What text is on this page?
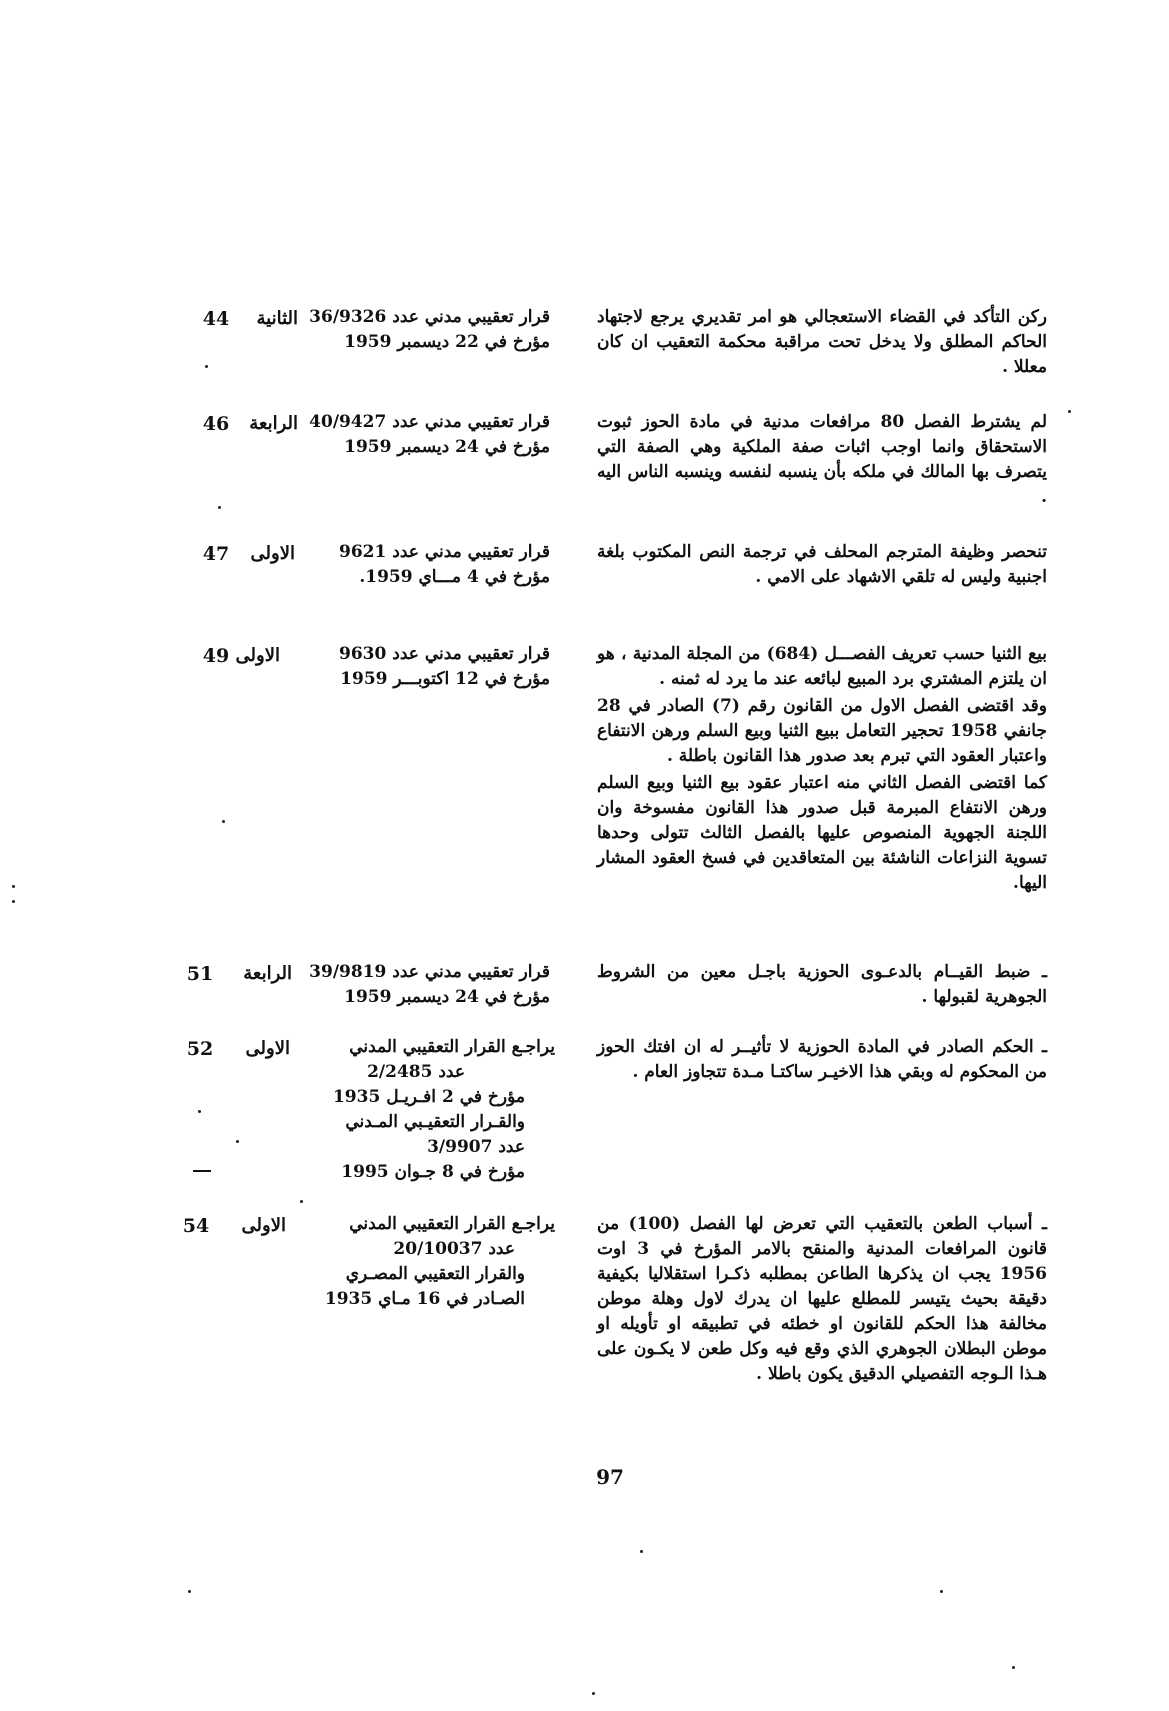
44	الثانية قرار تعقيبي مدني عدد 36/9326
مؤرخ في 22 ديسمبر 1959

ركن التأكد في القضاء الاستعجالي هو امر تقديري يرجع لاجتهاد الحاكم المطلق ولا يدخل تحت مراقبة محكمة التعقيب ان كان معللا .

46	الرابعة قرار تعقيبي مدني عدد 40/9427
مؤرخ في 24 ديسمبر 1959

لم يشترط الفصل 80 مرافعات مدنية في مادة الحوز ثبوت الاستحقاق وانما اوجب اثبات صفة الملكية وهي الصفة التي يتصرف بها المالك في ملكه بأن ينسبه لنفسه وينسبه الناس اليه .

47	الاولى	قرار تعقيبي مدني عدد 9621
مؤرخ في 4 مـــاي 1959.

تنحصر وظيفة المترجم المحلف في ترجمة النص المكتوب بلغة اجنبية وليس له تلقي الاشهاد على الامي .

49 الاولى	قرار تعقيبي مدني عدد 9630
مؤرخ في 12 اكتوبـــر 1959

بيع الثنيا حسب تعريف الفصـــل (684) من المجلة المدنية ، هو ان يلتزم المشتري برد المبيع لبائعه عند ما يرد له ثمنه .

وقد اقتضى الفصل الاول من القانون رقم (7) الصادر في 28 جانفي 1958 تحجير التعامل ببيع الثنيا وبيع السلم ورهن الانتفاع واعتبار العقود التي تبرم بعد صدور هذا القانون باطلة .

كما اقتضى الفصل الثاني منه اعتبار عقود بيع الثنيا وبيع السلم ورهن الانتفاع المبرمة قبل صدور هذا القانون مفسوخة وان اللجنة الجهوية المنصوص عليها بالفصل الثالث تتولى وحدها تسوية النزاعات الناشئة بين المتعاقدين في فسخ العقود المشار اليها.

51	الرابعة	قرار تعقيبي مدني عدد 39/9819
مؤرخ في 24 ديسمبر 1959

ـ ضبط القيــام بالدعـوى الحوزية باجـل معين من الشروط الجوهرية لقبولها .

52	الاولى	يراجـع القرار التعقيبي المدني
عدد 2/2485
مؤرخ في 2 افـريـل 1935
والقـرار التعقيـبي المـدني
عدد 3/9907
مؤرخ في 8 جـوان 1995

ـ الحكم الصادر في المادة الحوزية لا تأثيــر له ان افتك الحوز من المحكوم له وبقي هذا الاخيـر ساكتـا مـدة تتجاوز العام .

54	الاولى	يراجـع القرار التعقيبي المدني
عدد 20/10037
والقرار التعقيبي المصـري
الصـادر في 16 مـاي 1935

ـ أسباب الطعن بالتعقيب التي تعرض لها الفصل (100) من قانون المرافعات المدنية والمنقح بالامر المؤرخ في 3 اوت 1956 يجب ان يذكرها الطاعن بمطلبه ذكـرا استقلاليا بكيفية دقيقة بحيث يتيسر للمطلع عليها ان يدرك لاول وهلة موطن مخالفة هذا الحكم للقانون او خطئه في تطبيقه او تأويله او موطن البطلان الجوهري الذي وقع فيه وكل طعن لا يكـون على هـذا الـوجه التفصيلي الدقيق يكون باطلا .

97
